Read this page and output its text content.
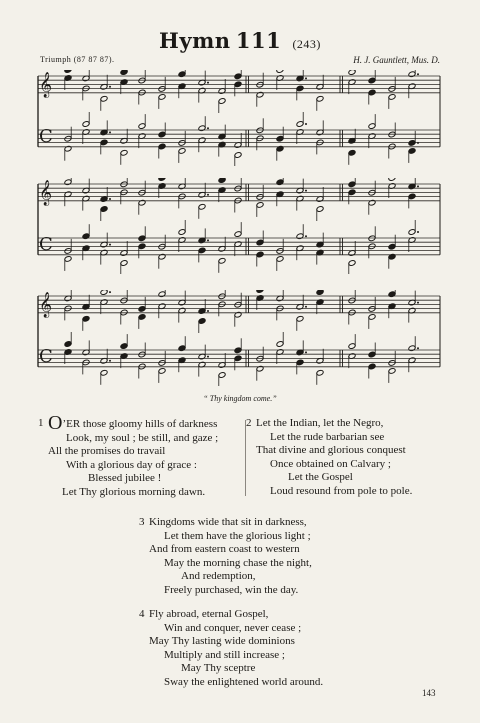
Hymn 111 (243)
Triumph (87 87 87).	H. J. Gauntlett, Mus. D.
𝄞
C
𝄞
C
𝄞
C
“ Thy kingdom come.”
1 O’ER those gloomy hills of darkness
Look, my soul ; be still, and gaze ;
All the promises do travail
With a glorious day of grace :
Blessed jubilee !
Let Thy glorious morning dawn.
2 Let the Indian, let the Negro,
Let the rude barbarian see
That divine and glorious conquest
Once obtained on Calvary ;
Let the Gospel
Loud resound from pole to pole.
3 Kingdoms wide that sit in darkness,
Let them have the glorious light ;
And from eastern coast to western
May the morning chase the night,
And redemption,
Freely purchased, win the day.
4 Fly abroad, eternal Gospel,
Win and conquer, never cease ;
May Thy lasting wide dominions
Multiply and still increase ;
May Thy sceptre
Sway the enlightened world around.
143
